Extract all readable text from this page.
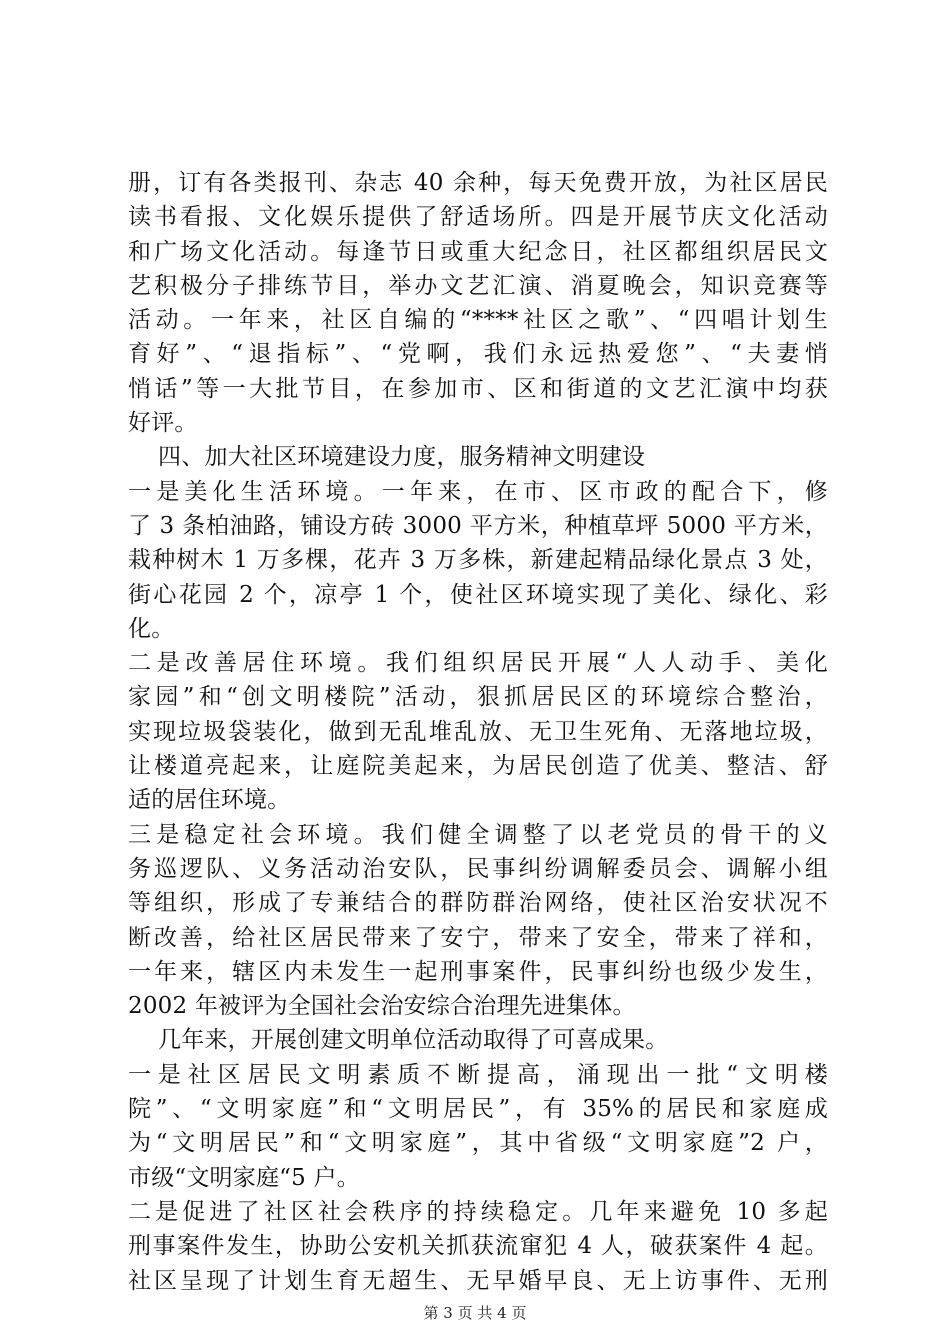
册，订有各类报刊、杂志 40 余种，每天免费开放，为社区居民
读书看报、文化娱乐提供了舒适场所。四是开展节庆文化活动
和广场文化活动。每逢节日或重大纪念日，社区都组织居民文
艺积极分子排练节目，举办文艺汇演、消夏晚会，知识竞赛等
活动。一年来，社区自编的“****社区之歌”、“四唱计划生
育好”、“退指标”、“党啊，我们永远热爱您”、“夫妻悄
悄话”等一大批节目，在参加市、区和街道的文艺汇演中均获
好评。
四、加大社区环境建设力度，服务精神文明建设
一是美化生活环境。一年来，在市、区市政的配合下，修
了 3 条柏油路，铺设方砖 3000 平方米，种植草坪 5000 平方米，
栽种树木 1 万多棵，花卉 3 万多株，新建起精品绿化景点 3 处，
街心花园 2 个，凉亭 1 个，使社区环境实现了美化、绿化、彩
化。
二是改善居住环境。我们组织居民开展“人人动手、美化
家园”和“创文明楼院”活动，狠抓居民区的环境综合整治，
实现垃圾袋装化，做到无乱堆乱放、无卫生死角、无落地垃圾，
让楼道亮起来，让庭院美起来，为居民创造了优美、整洁、舒
适的居住环境。
三是稳定社会环境。我们健全调整了以老党员的骨干的义
务巡逻队、义务活动治安队，民事纠纷调解委员会、调解小组
等组织，形成了专兼结合的群防群治网络，使社区治安状况不
断改善，给社区居民带来了安宁，带来了安全，带来了祥和，
一年来，辖区内未发生一起刑事案件，民事纠纷也级少发生，
2002 年被评为全国社会治安综合治理先进集体。
几年来，开展创建文明单位活动取得了可喜成果。
一是社区居民文明素质不断提高，涌现出一批“文明楼
院”、“文明家庭”和“文明居民”，有 35%的居民和家庭成
为“文明居民”和“文明家庭”，其中省级“文明家庭”2 户，
市级“文明家庭“5 户。
二是促进了社区社会秩序的持续稳定。几年来避免 10 多起
刑事案件发生，协助公安机关抓获流窜犯 4 人，破获案件 4 起。
社区呈现了计划生育无超生、无早婚早良、无上访事件、无刑
第 3 页 共 4 页
